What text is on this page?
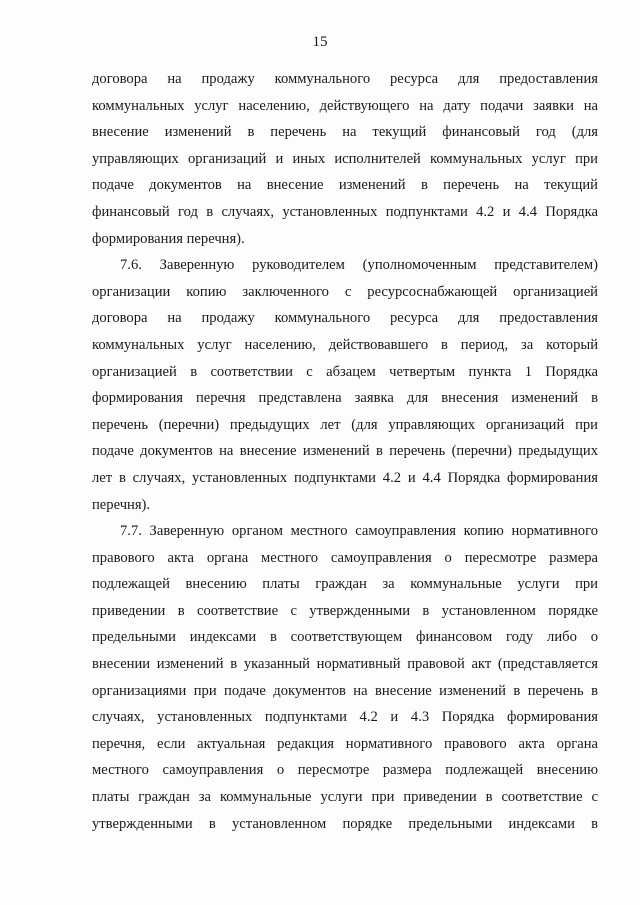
15

договора на продажу коммунального ресурса для предоставления
коммунальных услуг населению, действующего на дату подачи заявки на
внесение изменений в перечень на текущий финансовый год (для
управляющих организаций и иных исполнителей коммунальных услуг при
подаче документов на внесение изменений в перечень на текущий
финансовый год в случаях, установленных подпунктами 4.2 и 4.4 Порядка
формирования перечня).

7.6. Заверенную руководителем (уполномоченным представителем)
организации копию заключенного с ресурсоснабжающей организацией
договора на продажу коммунального ресурса для предоставления
коммунальных услуг населению, действовавшего в период, за который
организацией в соответствии с абзацем четвертым пункта 1 Порядка
формирования перечня представлена заявка для внесения изменений в
перечень (перечни) предыдущих лет (для управляющих организаций при
подаче документов на внесение изменений в перечень (перечни) предыдущих
лет в случаях, установленных подпунктами 4.2 и 4.4 Порядка формирования
перечня).

7.7. Заверенную органом местного самоуправления копию нормативного
правового акта органа местного самоуправления о пересмотре размера
подлежащей внесению платы граждан за коммунальные услуги при
приведении в соответствие с утвержденными в установленном порядке
предельными индексами в соответствующем финансовом году либо о
внесении изменений в указанный нормативный правовой акт (представляется
организациями при подаче документов на внесение изменений в перечень в
случаях, установленных подпунктами 4.2 и 4.3 Порядка формирования
перечня, если актуальная редакция нормативного правового акта органа
местного самоуправления о пересмотре размера подлежащей внесению
платы граждан за коммунальные услуги при приведении в соответствие с
утвержденными в установленном порядке предельными индексами в
